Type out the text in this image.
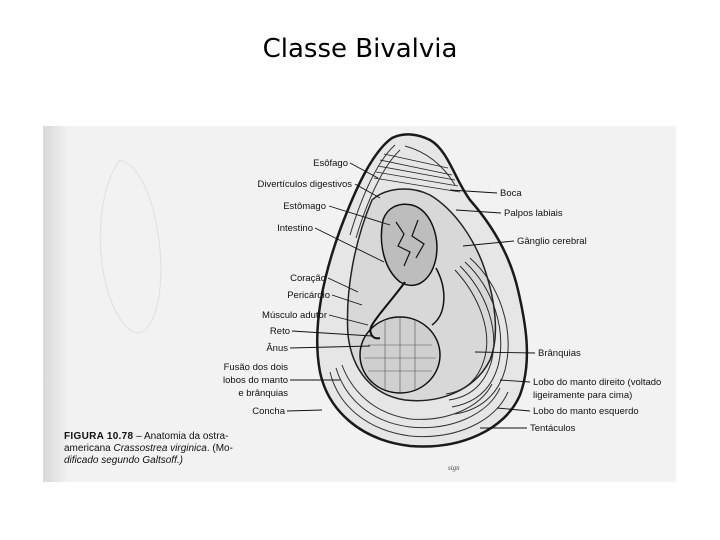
Classe Bivalvia
sign
Esôfago
Divertículos digestivos
Estômago
Intestino
Coração
Pericárdio
Músculo adutor
Reto
Ânus
Fusão dos dois
lobos do manto
e brânquias
Concha
Boca
Palpos labiais
Gânglio cerebral
Brânquias
Lobo do manto direito (voltado
ligeiramente para cima)
Lobo do manto esquerdo
Tentáculos
FIGURA 10.78 – Anatomia da ostra-
americana Crassostrea virginica. (Mo-
dificado segundo Galtsoff.)
